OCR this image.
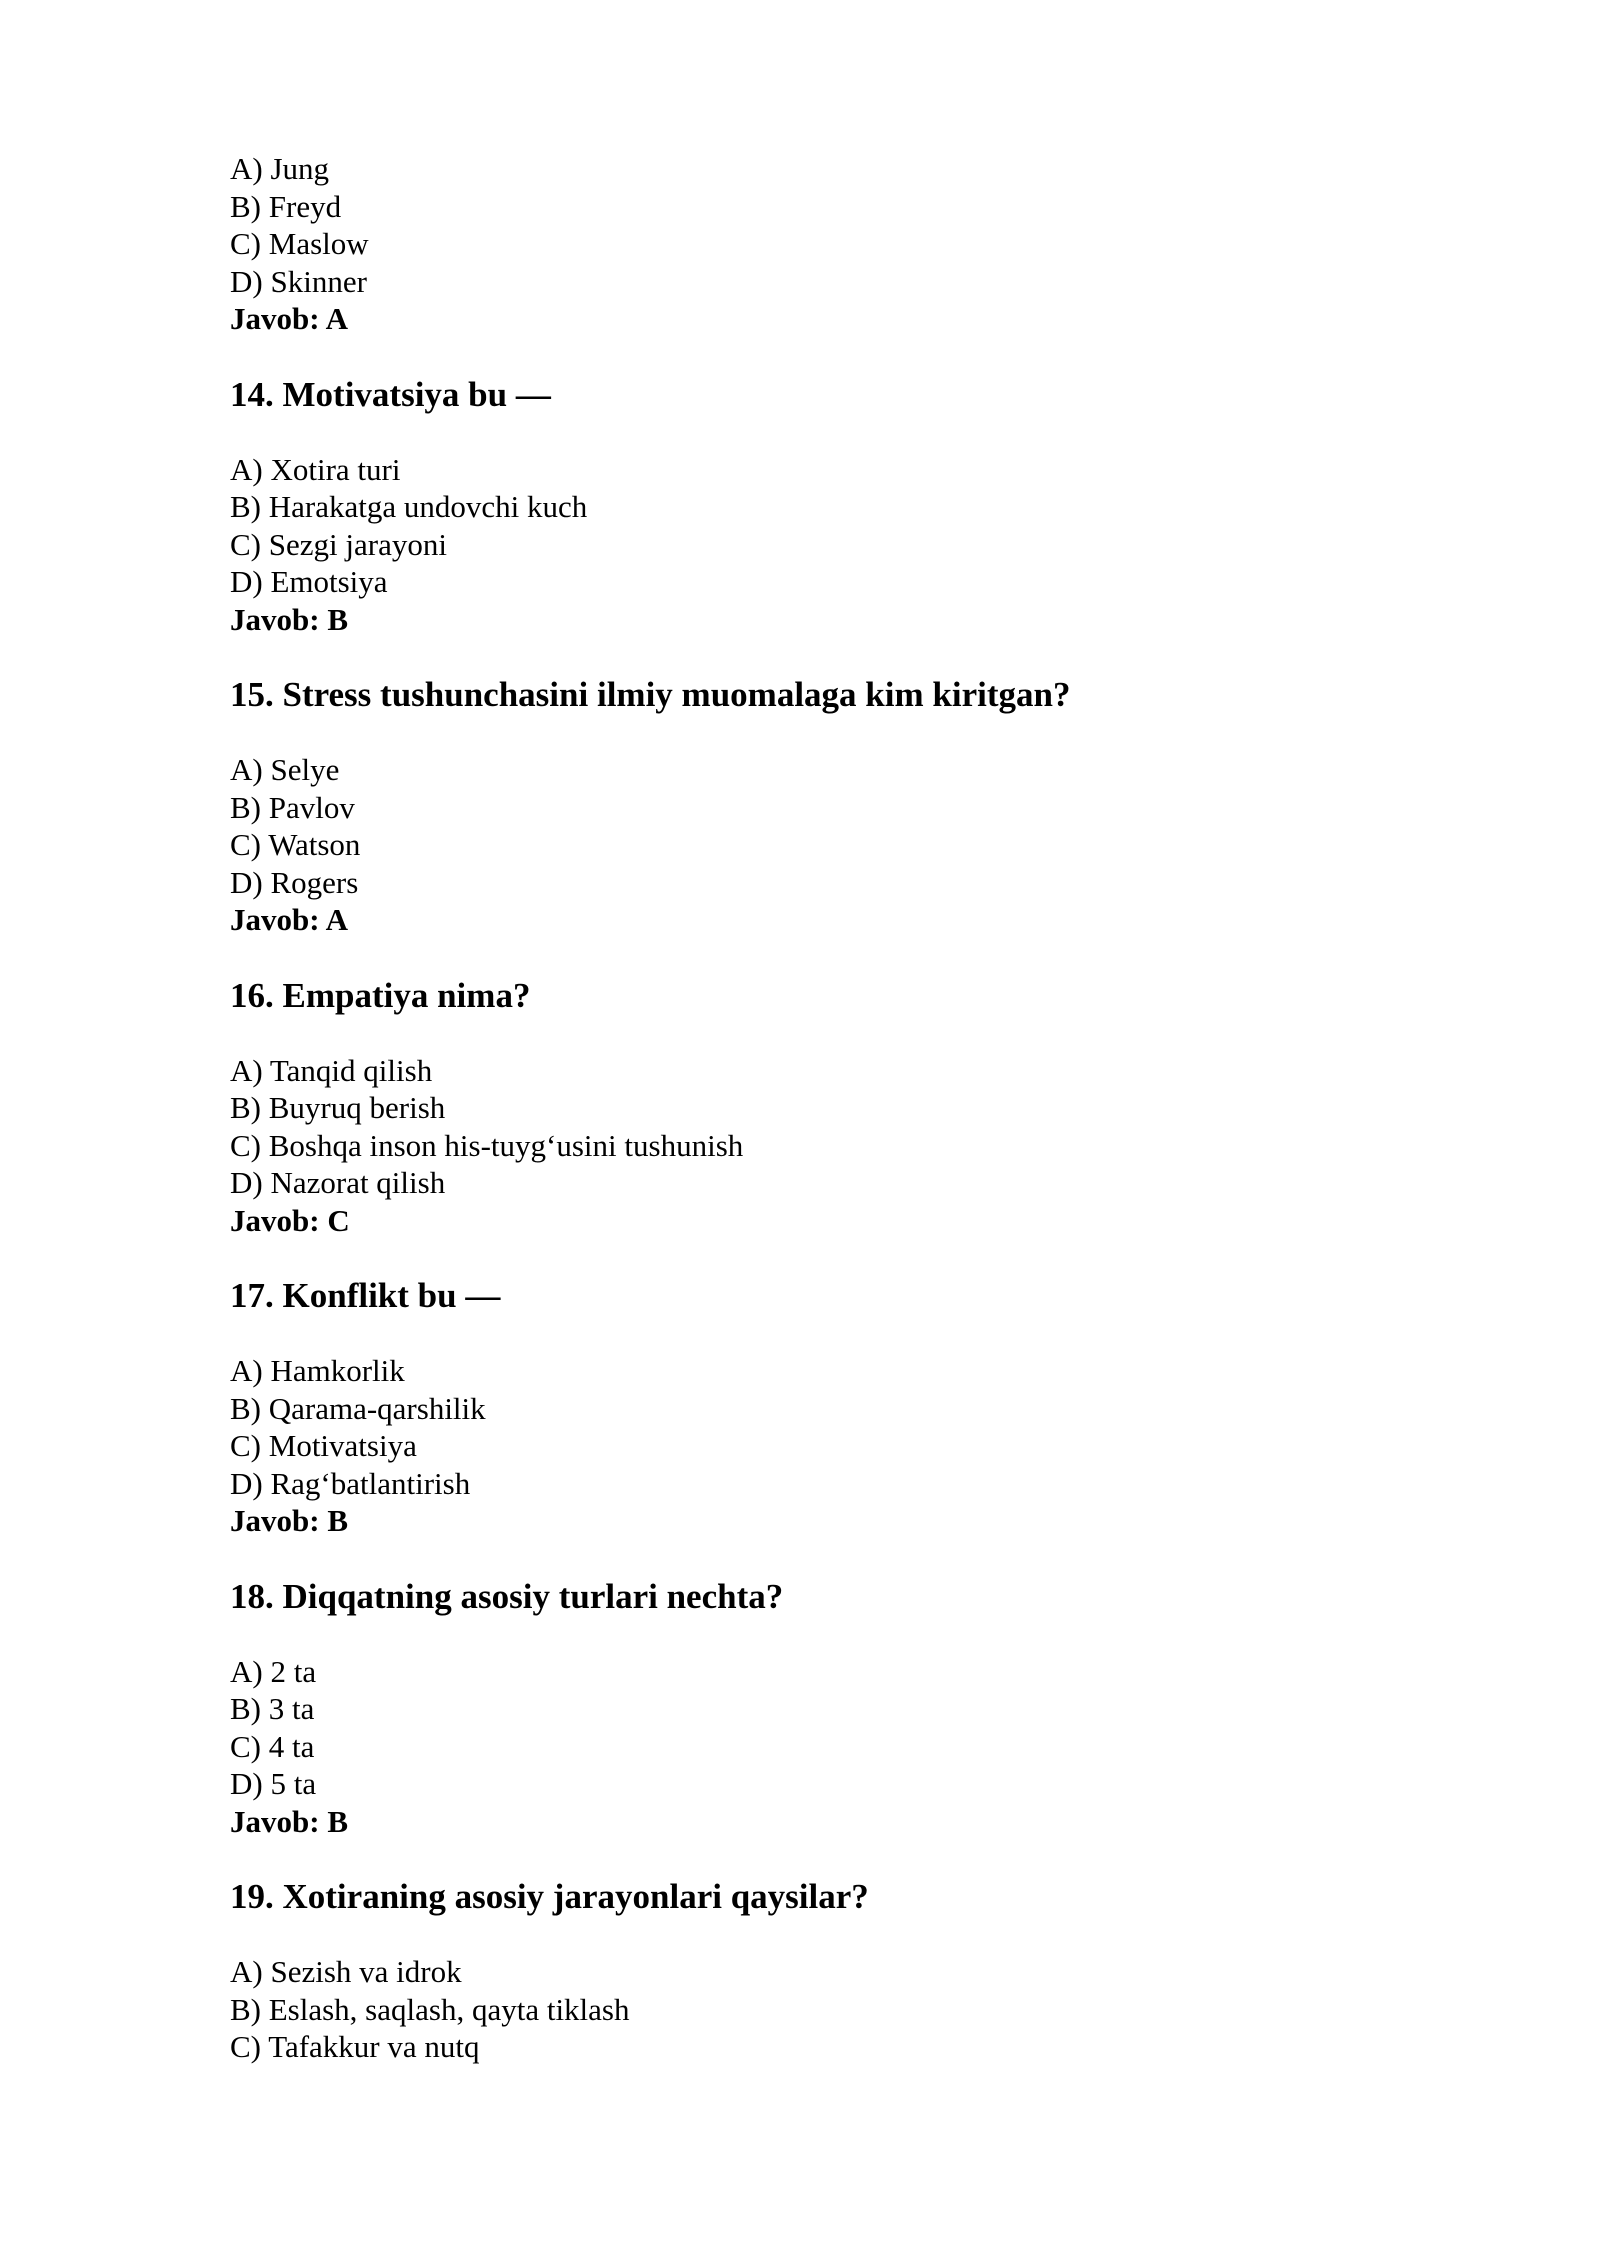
A) Jung
B) Freyd
C) Maslow
D) Skinner
Javob: A
14. Motivatsiya bu —
A) Xotira turi
B) Harakatga undovchi kuch
C) Sezgi jarayoni
D) Emotsiya
Javob: B
15. Stress tushunchasini ilmiy muomalaga kim kiritgan?
A) Selye
B) Pavlov
C) Watson
D) Rogers
Javob: A
16. Empatiya nima?
A) Tanqid qilish
B) Buyruq berish
C) Boshqa inson his-tuyg‘usini tushunish
D) Nazorat qilish
Javob: C
17. Konflikt bu —
A) Hamkorlik
B) Qarama-qarshilik
C) Motivatsiya
D) Rag‘batlantirish
Javob: B
18. Diqqatning asosiy turlari nechta?
A) 2 ta
B) 3 ta
C) 4 ta
D) 5 ta
Javob: B
19. Xotiraning asosiy jarayonlari qaysilar?
A) Sezish va idrok
B) Eslash, saqlash, qayta tiklash
C) Tafakkur va nutq
